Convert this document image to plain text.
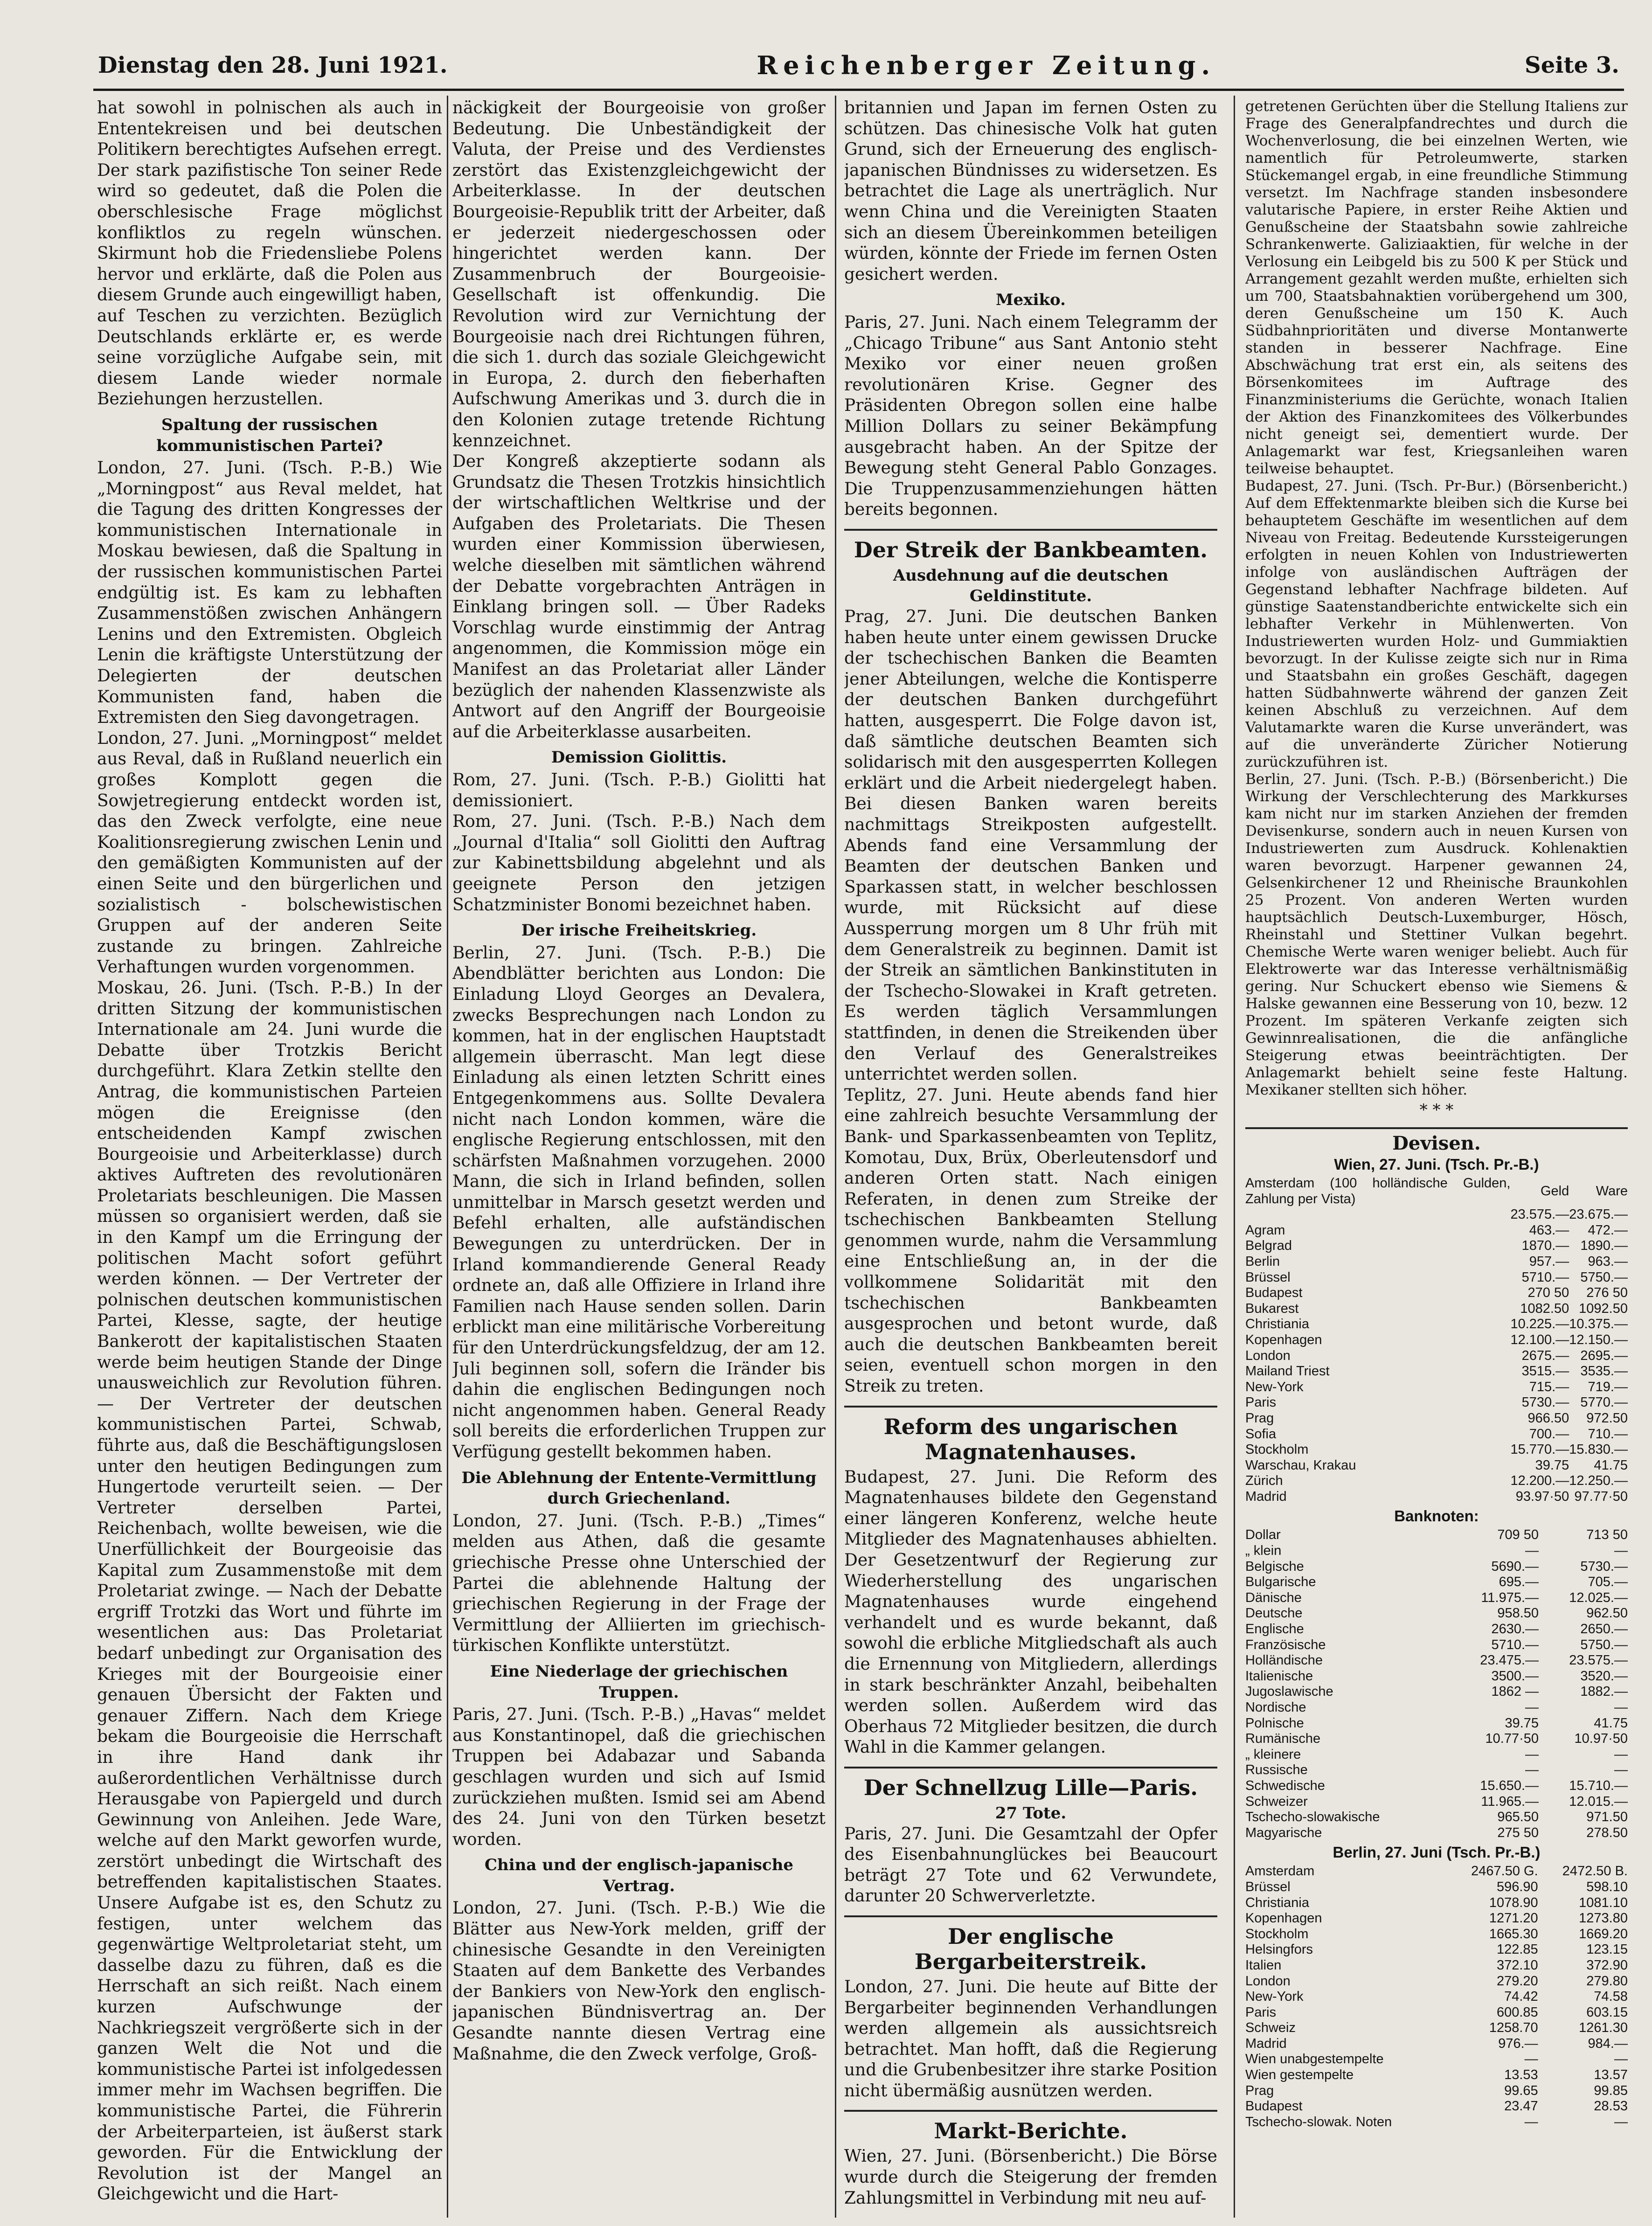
Dienstag den 28. Juni 1921.	Reichenberger Zeitung.	Seite 3.

hat sowohl in polnischen als auch in Ententekreisen und bei deutschen Politikern berechtigtes Aufsehen erregt. Der stark pazifistische Ton seiner Rede wird so gedeutet, daß die Polen die oberschlesische Frage möglichst konfliktlos zu regeln wünschen. Skirmunt hob die Friedensliebe Polens hervor und erklärte, daß die Polen aus diesem Grunde auch eingewilligt haben, auf Teschen zu verzichten. Bezüglich Deutschlands erklärte er, es werde seine vorzügliche Aufgabe sein, mit diesem Lande wieder normale Beziehungen herzustellen.

Spaltung der russischen kommunistischen Partei?

London, 27. Juni. (Tsch. P.-B.) Wie „Morningpost“ aus Reval meldet, hat die Tagung des dritten Kongresses der kommunistischen Internationale in Moskau bewiesen, daß die Spaltung in der russischen kommunistischen Partei endgültig ist. Es kam zu lebhaften Zusammenstößen zwischen Anhängern Lenins und den Extremisten. Obgleich Lenin die kräftigste Unterstützung der Delegierten der deutschen Kommunisten fand, haben die Extremisten den Sieg davongetragen.

London, 27. Juni. „Morningpost“ meldet aus Reval, daß in Rußland neuerlich ein großes Komplott gegen die Sowjetregierung entdeckt worden ist, das den Zweck verfolgte, eine neue Koalitionsregierung zwischen Lenin und den gemäßigten Kommunisten auf der einen Seite und den bürgerlichen und sozialistisch - bolschewistischen Gruppen auf der anderen Seite zustande zu bringen. Zahlreiche Verhaftungen wurden vorgenommen.

Moskau, 26. Juni. (Tsch. P.-B.) In der dritten Sitzung der kommunistischen Internationale am 24. Juni wurde die Debatte über Trotzkis Bericht durchgeführt. Klara Zetkin stellte den Antrag, die kommunistischen Parteien mögen die Ereignisse (den entscheidenden Kampf zwischen Bourgeoisie und Arbeiterklasse) durch aktives Auftreten des revolutionären Proletariats beschleunigen. Die Massen müssen so organisiert werden, daß sie in den Kampf um die Erringung der politischen Macht sofort geführt werden können. — Der Vertreter der polnischen deutschen kommunistischen Partei, Klesse, sagte, der heutige Bankerott der kapitalistischen Staaten werde beim heutigen Stande der Dinge unausweichlich zur Revolution führen. — Der Vertreter der deutschen kommunistischen Partei, Schwab, führte aus, daß die Beschäftigungslosen unter den heutigen Bedingungen zum Hungertode verurteilt seien. — Der Vertreter derselben Partei, Reichenbach, wollte beweisen, wie die Unerfüllichkeit der Bourgeoisie das Kapital zum Zusammenstoße mit dem Proletariat zwinge. — Nach der Debatte ergriff Trotzki das Wort und führte im wesentlichen aus: Das Proletariat bedarf unbedingt zur Organisation des Krieges mit der Bourgeoisie einer genauen Übersicht der Fakten und genauer Ziffern. Nach dem Kriege bekam die Bourgeoisie die Herrschaft in ihre Hand dank ihr außerordentlichen Verhältnisse durch Herausgabe von Papiergeld und durch Gewinnung von Anleihen. Jede Ware, welche auf den Markt geworfen wurde, zerstört unbedingt die Wirtschaft des betreffenden kapitalistischen Staates. Unsere Aufgabe ist es, den Schutz zu festigen, unter welchem das gegenwärtige Weltproletariat steht, um dasselbe dazu zu führen, daß es die Herrschaft an sich reißt. Nach einem kurzen Aufschwunge der Nachkriegszeit vergrößerte sich in der ganzen Welt die Not und die kommunistische Partei ist infolgedessen immer mehr im Wachsen begriffen. Die kommunistische Partei, die Führerin der Arbeiterparteien, ist äußerst stark geworden. Für die Entwicklung der Revolution ist der Mangel an Gleichgewicht und die Hart-

näckigkeit der Bourgeoisie von großer Bedeutung. Die Unbeständigkeit der Valuta, der Preise und des Verdienstes zerstört das Existenzgleichgewicht der Arbeiterklasse. In der deutschen Bourgeoisie-Republik tritt der Arbeiter, daß er jederzeit niedergeschossen oder hingerichtet werden kann. Der Zusammenbruch der Bourgeoisie-Gesellschaft ist offenkundig. Die Revolution wird zur Vernichtung der Bourgeoisie nach drei Richtungen führen, die sich 1. durch das soziale Gleichgewicht in Europa, 2. durch den fieberhaften Aufschwung Amerikas und 3. durch die in den Kolonien zutage tretende Richtung kennzeichnet.

Der Kongreß akzeptierte sodann als Grundsatz die Thesen Trotzkis hinsichtlich der wirtschaftlichen Weltkrise und der Aufgaben des Proletariats. Die Thesen wurden einer Kommission überwiesen, welche dieselben mit sämtlichen während der Debatte vorgebrachten Anträgen in Einklang bringen soll. — Über Radeks Vorschlag wurde einstimmig der Antrag angenommen, die Kommission möge ein Manifest an das Proletariat aller Länder bezüglich der nahenden Klassenzwiste als Antwort auf den Angriff der Bourgeoisie auf die Arbeiterklasse ausarbeiten.

Demission Giolittis.

Rom, 27. Juni. (Tsch. P.-B.) Giolitti hat demissioniert.

Rom, 27. Juni. (Tsch. P.-B.) Nach dem „Journal d'Italia“ soll Giolitti den Auftrag zur Kabinettsbildung abgelehnt und als geeignete Person den jetzigen Schatzminister Bonomi bezeichnet haben.

Der irische Freiheitskrieg.

Berlin, 27. Juni. (Tsch. P.-B.) Die Abendblätter berichten aus London: Die Einladung Lloyd Georges an Devalera, zwecks Besprechungen nach London zu kommen, hat in der englischen Hauptstadt allgemein überrascht. Man legt diese Einladung als einen letzten Schritt eines Entgegenkommens aus. Sollte Devalera nicht nach London kommen, wäre die englische Regierung entschlossen, mit den schärfsten Maßnahmen vorzugehen. 2000 Mann, die sich in Irland befinden, sollen unmittelbar in Marsch gesetzt werden und Befehl erhalten, alle aufständischen Bewegungen zu unterdrücken. Der in Irland kommandierende General Ready ordnete an, daß alle Offiziere in Irland ihre Familien nach Hause senden sollen. Darin erblickt man eine militärische Vorbereitung für den Unterdrückungsfeldzug, der am 12. Juli beginnen soll, sofern die Iränder bis dahin die englischen Bedingungen noch nicht angenommen haben. General Ready soll bereits die erforderlichen Truppen zur Verfügung gestellt bekommen haben.

Die Ablehnung der Entente-Vermittlung durch Griechenland.

London, 27. Juni. (Tsch. P.-B.) „Times“ melden aus Athen, daß die gesamte griechische Presse ohne Unterschied der Partei die ablehnende Haltung der griechischen Regierung in der Frage der Vermittlung der Alliierten im griechisch-türkischen Konflikte unterstützt.

Eine Niederlage der griechischen Truppen.

Paris, 27. Juni. (Tsch. P.-B.) „Havas“ meldet aus Konstantinopel, daß die griechischen Truppen bei Adabazar und Sabanda geschlagen wurden und sich auf Ismid zurückziehen mußten. Ismid sei am Abend des 24. Juni von den Türken besetzt worden.

China und der englisch-japanische Vertrag.

London, 27. Juni. (Tsch. P.-B.) Wie die Blätter aus New-York melden, griff der chinesische Gesandte in den Vereinigten Staaten auf dem Bankette des Verbandes der Bankiers von New-York den englisch-japanischen Bündnisvertrag an. Der Gesandte nannte diesen Vertrag eine Maßnahme, die den Zweck verfolge, Groß-

britannien und Japan im fernen Osten zu schützen. Das chinesische Volk hat guten Grund, sich der Erneuerung des englisch-japanischen Bündnisses zu widersetzen. Es betrachtet die Lage als unerträglich. Nur wenn China und die Vereinigten Staaten sich an diesem Übereinkommen beteiligen würden, könnte der Friede im fernen Osten gesichert werden.

Mexiko.

Paris, 27. Juni. Nach einem Telegramm der „Chicago Tribune“ aus Sant Antonio steht Mexiko vor einer neuen großen revolutionären Krise. Gegner des Präsidenten Obregon sollen eine halbe Million Dollars zu seiner Bekämpfung ausgebracht haben. An der Spitze der Bewegung steht General Pablo Gonzages. Die Truppenzusammenziehungen hätten bereits begonnen.

Der Streik der Bankbeamten.
Ausdehnung auf die deutschen Geldinstitute.

Prag, 27. Juni. Die deutschen Banken haben heute unter einem gewissen Drucke der tschechischen Banken die Beamten jener Abteilungen, welche die Kontisperre der deutschen Banken durchgeführt hatten, ausgesperrt. Die Folge davon ist, daß sämtliche deutschen Beamten sich solidarisch mit den ausgesperrten Kollegen erklärt und die Arbeit niedergelegt haben. Bei diesen Banken waren bereits nachmittags Streikposten aufgestellt. Abends fand eine Versammlung der Beamten der deutschen Banken und Sparkassen statt, in welcher beschlossen wurde, mit Rücksicht auf diese Aussperrung morgen um 8 Uhr früh mit dem Generalstreik zu beginnen. Damit ist der Streik an sämtlichen Bankinstituten in der Tschecho-Slowakei in Kraft getreten. Es werden täglich Versammlungen stattfinden, in denen die Streikenden über den Verlauf des Generalstreikes unterrichtet werden sollen.

Teplitz, 27. Juni. Heute abends fand hier eine zahlreich besuchte Versammlung der Bank- und Sparkassenbeamten von Teplitz, Komotau, Dux, Brüx, Oberleutensdorf und anderen Orten statt. Nach einigen Referaten, in denen zum Streike der tschechischen Bankbeamten Stellung genommen wurde, nahm die Versammlung eine Entschließung an, in der die vollkommene Solidarität mit den tschechischen Bankbeamten ausgesprochen und betont wurde, daß auch die deutschen Bankbeamten bereit seien, eventuell schon morgen in den Streik zu treten.

Reform des ungarischen Magnatenhauses.

Budapest, 27. Juni. Die Reform des Magnatenhauses bildete den Gegenstand einer längeren Konferenz, welche heute Mitglieder des Magnatenhauses abhielten. Der Gesetzentwurf der Regierung zur Wiederherstellung des ungarischen Magnatenhauses wurde eingehend verhandelt und es wurde bekannt, daß sowohl die erbliche Mitgliedschaft als auch die Ernennung von Mitgliedern, allerdings in stark beschränkter Anzahl, beibehalten werden sollen. Außerdem wird das Oberhaus 72 Mitglieder besitzen, die durch Wahl in die Kammer gelangen.

Der Schnellzug Lille—Paris.
27 Tote.

Paris, 27. Juni. Die Gesamtzahl der Opfer des Eisenbahnunglückes bei Beaucourt beträgt 27 Tote und 62 Verwundete, darunter 20 Schwerverletzte.

Der englische Bergarbeiterstreik.

London, 27. Juni. Die heute auf Bitte der Bergarbeiter beginnenden Verhandlungen werden allgemein als aussichtsreich betrachtet. Man hofft, daß die Regierung und die Grubenbesitzer ihre starke Position nicht übermäßig ausnützen werden.

Markt-Berichte.

Wien, 27. Juni. (Börsenbericht.) Die Börse wurde durch die Steigerung der fremden Zahlungsmittel in Verbindung mit neu auf-

getretenen Gerüchten über die Stellung Italiens zur Frage des Generalpfandrechtes und durch die Wochenverlosung, die bei einzelnen Werten, wie namentlich für Petroleumwerte, starken Stückemangel ergab, in eine freundliche Stimmung versetzt. Im Nachfrage standen insbesondere valutarische Papiere, in erster Reihe Aktien und Genußscheine der Staatsbahn sowie zahlreiche Schrankenwerte. Galiziaaktien, für welche in der Verlosung ein Leibgeld bis zu 500 K per Stück und Arrangement gezahlt werden mußte, erhielten sich um 700, Staatsbahnaktien vorübergehend um 300, deren Genußscheine um 150 K. Auch Südbahnprioritäten und diverse Montanwerte standen in besserer Nachfrage. Eine Abschwächung trat erst ein, als seitens des Börsenkomitees im Auftrage des Finanzministeriums die Gerüchte, wonach Italien der Aktion des Finanzkomitees des Völkerbundes nicht geneigt sei, dementiert wurde. Der Anlagemarkt war fest, Kriegsanleihen waren teilweise behauptet.

Budapest, 27. Juni. (Tsch. Pr-Bur.) (Börsenbericht.) Auf dem Effektenmarkte bleiben sich die Kurse bei behauptetem Geschäfte im wesentlichen auf dem Niveau von Freitag. Bedeutende Kurssteigerungen erfolgten in neuen Kohlen von Industriewerten infolge von ausländischen Aufträgen der Gegenstand lebhafter Nachfrage bildeten. Auf günstige Saatenstandberichte entwickelte sich ein lebhafter Verkehr in Mühlenwerten. Von Industriewerten wurden Holz- und Gummiaktien bevorzugt. In der Kulisse zeigte sich nur in Rima und Staatsbahn ein großes Geschäft, dagegen hatten Südbahnwerte während der ganzen Zeit keinen Abschluß zu verzeichnen. Auf dem Valutamarkte waren die Kurse unverändert, was auf die unveränderte Züricher Notierung zurückzuführen ist.

Berlin, 27. Juni. (Tsch. P.-B.) (Börsenbericht.) Die Wirkung der Verschlechterung des Markkurses kam nicht nur im starken Anziehen der fremden Devisenkurse, sondern auch in neuen Kursen von Industriewerten zum Ausdruck. Kohlenaktien waren bevorzugt. Harpener gewannen 24, Gelsenkirchener 12 und Rheinische Braunkohlen 25 Prozent. Von anderen Werten wurden hauptsächlich Deutsch-Luxemburger, Hösch, Rheinstahl und Stettiner Vulkan begehrt. Chemische Werte waren weniger beliebt. Auch für Elektrowerte war das Interesse verhältnismäßig gering. Nur Schuckert ebenso wie Siemens & Halske gewannen eine Besserung von 10, bezw. 12 Prozent. Im späteren Verkanfe zeigten sich Gewinnrealisationen, die die anfängliche Steigerung etwas beeinträchtigten. Der Anlagemarkt behielt seine feste Haltung. Mexikaner stellten sich höher.

* * *
Devisen.
Wien, 27. Juni. (Tsch. Pr.-B.)
Amsterdam (100 holländische Gulden, Zahlung per Vista)	Geld	Ware
	23.575.—	23.675.—
Agram	463.—	472.—
Belgrad	1870.—	1890.—
Berlin	957.—	963.—
Brüssel	5710.—	5750.—
Budapest	270 50	276 50
Bukarest	1082.50	1092.50
Christiania	10.225.—	10.375.—
Kopenhagen	12.100.—	12.150.—
London	2675.—	2695.—
Mailand Triest	3515.—	3535.—
New-York	715.—	719.—
Paris	5730.—	5770.—
Prag	966.50	972.50
Sofia	700.—	710.—
Stockholm	15.770.—	15.830.—
Warschau, Krakau	39.75	41.75
Zürich	12.200.—	12.250.—
Madrid	93.97·50	97.77·50
Banknoten:
Dollar	709 50	713 50
„ klein	—	—
Belgische	5690.—	5730.—
Bulgarische	695.—	705.—
Dänische	11.975.—	12.025.—
Deutsche	958.50	962.50
Englische	2630.—	2650.—
Französische	5710.—	5750.—
Holländische	23.475.—	23.575.—
Italienische	3500.—	3520.—
Jugoslawische	1862 —	1882.—
Nordische	—	—
Polnische	39.75	41.75
Rumänische	10.77·50	10.97·50
„ kleinere	—	—
Russische	—	—
Schwedische	15.650.—	15.710.—
Schweizer	11.965.—	12.015.—
Tschecho-slowakische	965.50	971.50
Magyarische	275 50	278.50
Berlin, 27. Juni (Tsch. Pr.-B.)
Amsterdam	2467.50 G.	2472.50 B.
Brüssel	596.90	598.10
Christiania	1078.90	1081.10
Kopenhagen	1271.20	1273.80
Stockholm	1665.30	1669.20
Helsingfors	122.85	123.15
Italien	372.10	372.90
London	279.20	279.80
New-York	74.42	74.58
Paris	600.85	603.15
Schweiz	1258.70	1261.30
Madrid	976.—	984.—
Wien unabgestempelte	—	—
Wien gestempelte	13.53	13.57
Prag	99.65	99.85
Budapest	23.47	28.53
Tschecho-slowak. Noten	—	—
